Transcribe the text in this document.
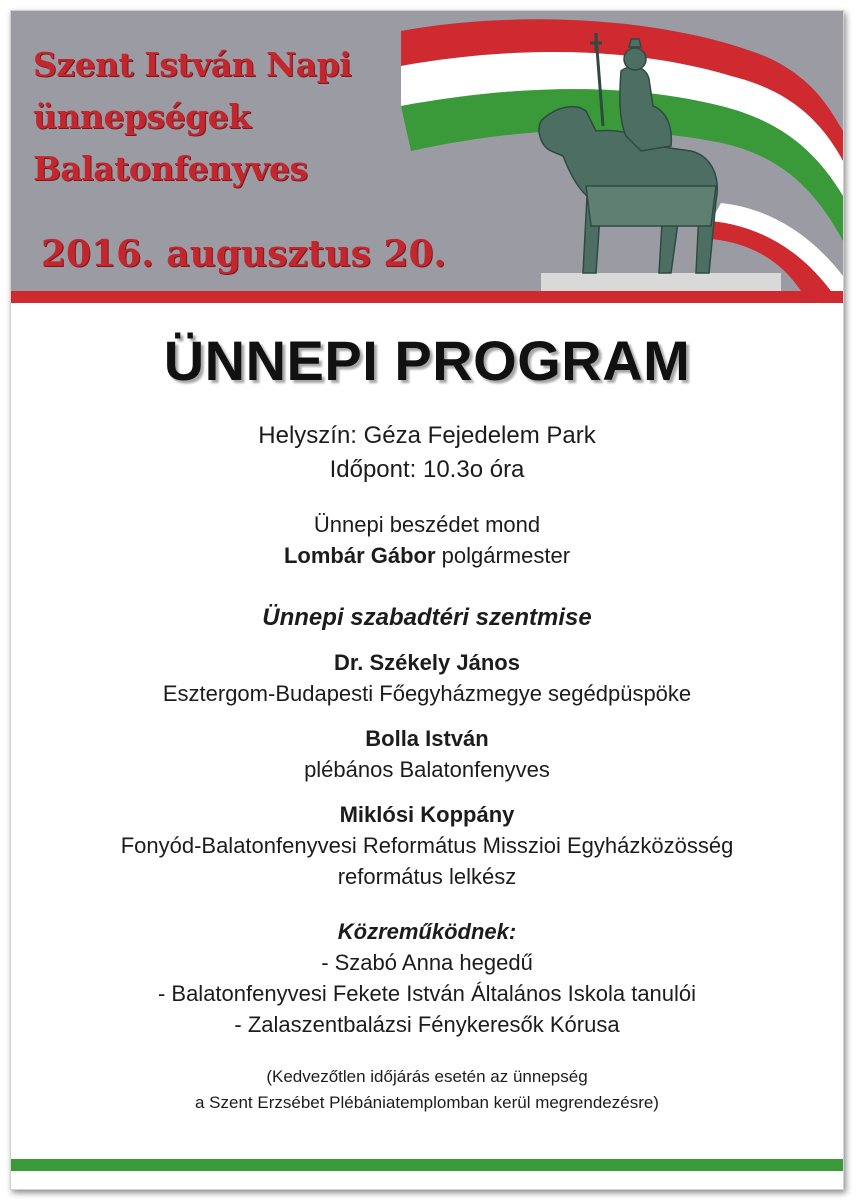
Szent István Napi
ünnepségek
Balatonfenyves
2016. augusztus 20.
ÜNNEPI PROGRAM

Helyszín: Géza Fejedelem Park

Időpont: 10.3o óra

Ünnepi beszédet mond

Lombár Gábor polgármester

Ünnepi szabadtéri szentmise

Dr. Székely János

Esztergom-Budapesti Főegyházmegye segédpüspöke

Bolla István

plébános Balatonfenyves

Miklósi Koppány

Fonyód-Balatonfenyvesi Református Misszioi Egyházközösség

református lelkész

Közreműködnek:

- Szabó Anna hegedű

- Balatonfenyvesi Fekete István Általános Iskola tanulói

- Zalaszentbalázsi Fénykeresők Kórusa

(Kedvezőtlen időjárás esetén az ünnepség

a Szent Erzsébet Plébániatemplomban kerül megrendezésre)
